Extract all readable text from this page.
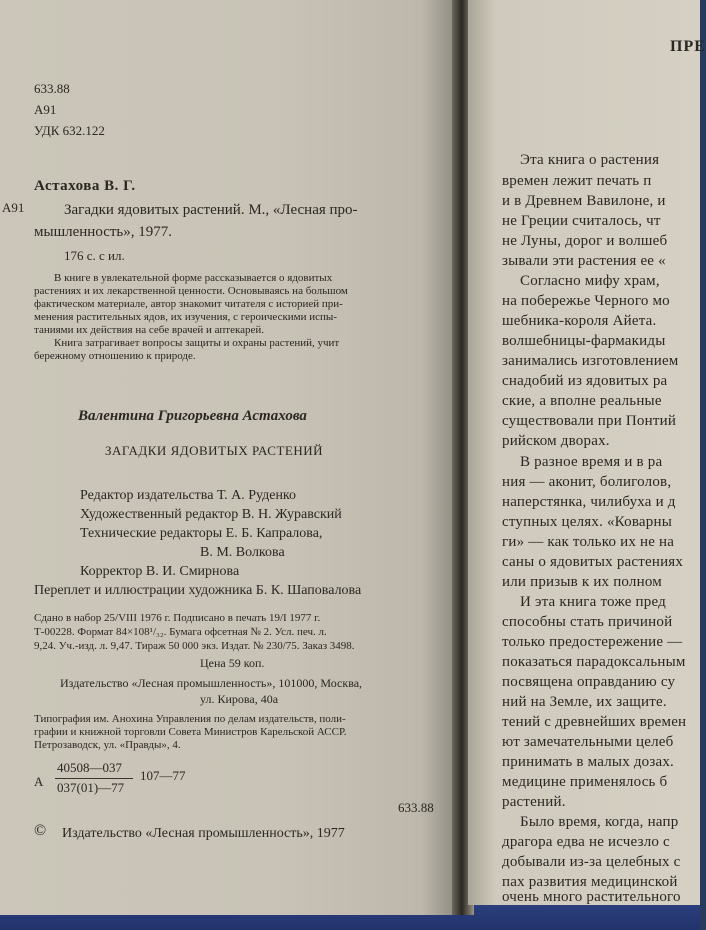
633.88
А91
УДК 632.122
А91
Астахова В. Г.
Загадки ядовитых растений. М., «Лесная про-
мышленность», 1977.
176 с. с ил.
В книге в увлекательной форме рассказывается о ядовитых
растениях и их лекарственной ценности. Основываясь на большом
фактическом материале, автор знакомит читателя с историей при-
менения растительных ядов, их изучения, с героическими испы-
таниями их действия на себе врачей и аптекарей.
Книга затрагивает вопросы защиты и охраны растений, учит
бережному отношению к природе.
Валентина Григорьевна Астахова
ЗАГАДКИ ЯДОВИТЫХ РАСТЕНИЙ
Редактор издательства Т. А. Руденко
Художественный редактор В. Н. Журавский
Технические редакторы Е. Б. Капралова,
В. М. Волкова
Корректор В. И. Смирнова
Переплет и иллюстрации художника Б. К. Шаповалова
Сдано в набор 25/VIII 1976 г. Подписано в печать 19/I 1977 г.
Т-00228. Формат 84×108¹/₃₂. Бумага офсетная № 2. Усл. печ. л.
9,24. Уч.-изд. л. 9,47. Тираж 50 000 экз. Издат. № 230/75. Заказ 3498.
Цена 59 коп.
Издательство «Лесная промышленность», 101000, Москва,
ул. Кирова, 40а
Типография им. Анохина Управления по делам издательств, поли-
графии и книжной торговли Совета Министров Карельской АССР.
Петрозаводск, ул. «Правды», 4.
А
40508—037
037(01)—77
107—77
633.88
© Издательство «Лесная промышленность», 1977
ПРЕ
Эта книга о растения
времен лежит печать п
и в Древнем Вавилоне, и
не Греции считалось, чт
не Луны, дорог и волшеб
зывали эти растения ее «
Согласно мифу храм,
на побережье Черного мо
шебника-короля Айета.
волшебницы-фармакиды
занимались изготовлением
снадобий из ядовитых ра
ские, а вполне реальные
существовали при Понтий
рийском дворах.
В разное время и в ра
ния — аконит, болиголов,
наперстянка, чилибуха и д
ступных целях. «Коварны
ги» — как только их не на
саны о ядовитых растениях
или призыв к их полном
И эта книга тоже пред
способны стать причиной
только предостережение —
показаться парадоксальным
посвящена оправданию су
ний на Земле, их защите.
тений с древнейших времен
ют замечательными целеб
принимать в малых дозах.
медицине применялось б
растений.
Было время, когда, напр
драгора едва не исчезло с
добывали из-за целебных с
пах развития медицинской
очень много растительного
